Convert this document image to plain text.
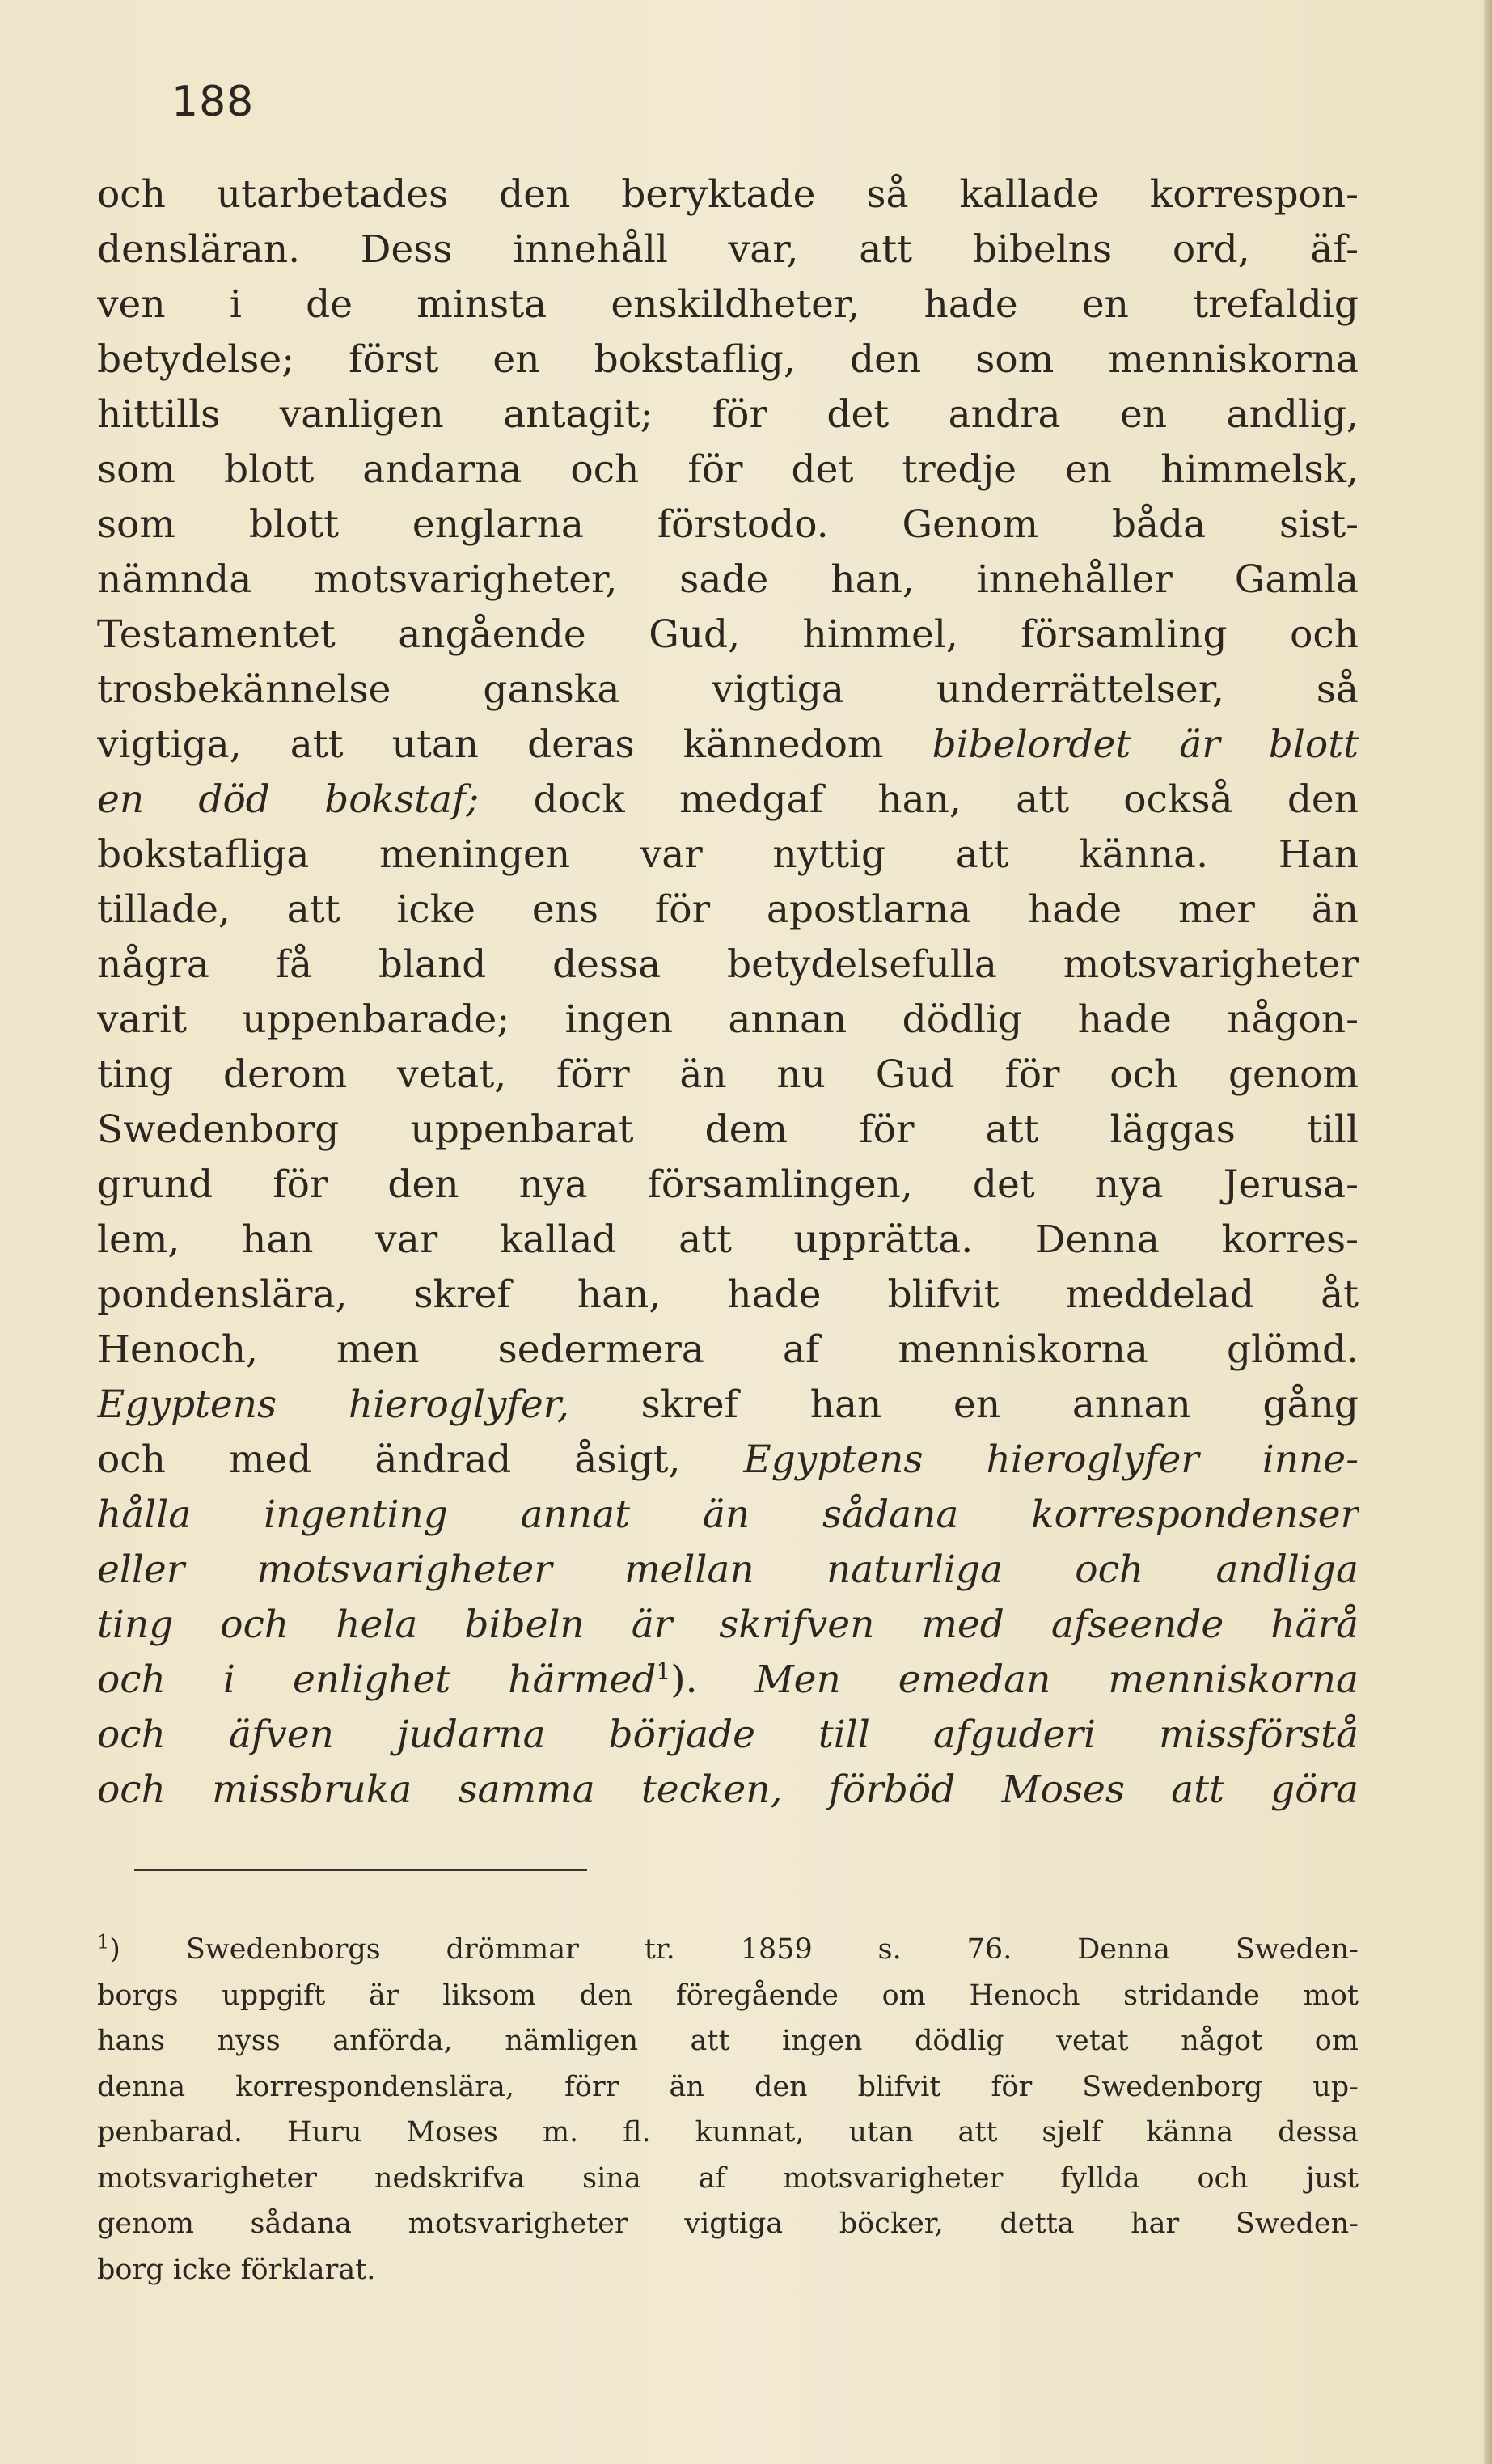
188
och utarbetades den beryktade så kallade korrespon-
densläran. Dess innehåll var, att bibelns ord, äf-
ven i de minsta enskildheter, hade en trefaldig
betydelse; först en bokstaflig, den som menniskorna
hittills vanligen antagit; för det andra en andlig,
som blott andarna och för det tredje en himmelsk,
som blott englarna förstodo. Genom båda sist-
nämnda motsvarigheter, sade han, innehåller Gamla
Testamentet angående Gud, himmel, församling och
trosbekännelse ganska vigtiga underrättelser, så
vigtiga, att utan deras kännedom bibelordet är blott
en död bokstaf; dock medgaf han, att också den
bokstafliga meningen var nyttig att känna. Han
tillade, att icke ens för apostlarna hade mer än
några få bland dessa betydelsefulla motsvarigheter
varit uppenbarade; ingen annan dödlig hade någon-
ting derom vetat, förr än nu Gud för och genom
Swedenborg uppenbarat dem för att läggas till
grund för den nya församlingen, det nya Jerusa-
lem, han var kallad att upprätta. Denna korres-
pondenslära, skref han, hade blifvit meddelad åt
Henoch, men sedermera af menniskorna glömd.
Egyptens hieroglyfer, skref han en annan gång
och med ändrad åsigt, Egyptens hieroglyfer inne-
hålla ingenting annat än sådana korrespondenser
eller motsvarigheter mellan naturliga och andliga
ting och hela bibeln är skrifven med afseende härå
och i enlighet härmed$^1$). Men emedan menniskorna
och äfven judarna började till afguderi missförstå
och missbruka samma tecken, förböd Moses att göra
$^1$) Swedenborgs drömmar tr. 1859 s. 76. Denna Sweden-
borgs uppgift är liksom den föregående om Henoch stridande mot
hans nyss anförda, nämligen att ingen dödlig vetat något om
denna korrespondenslära, förr än den blifvit för Swedenborg up-
penbarad. Huru Moses m. fl. kunnat, utan att sjelf känna dessa
motsvarigheter nedskrifva sina af motsvarigheter fyllda och just
genom sådana motsvarigheter vigtiga böcker, detta har Sweden-
borg icke förklarat.
